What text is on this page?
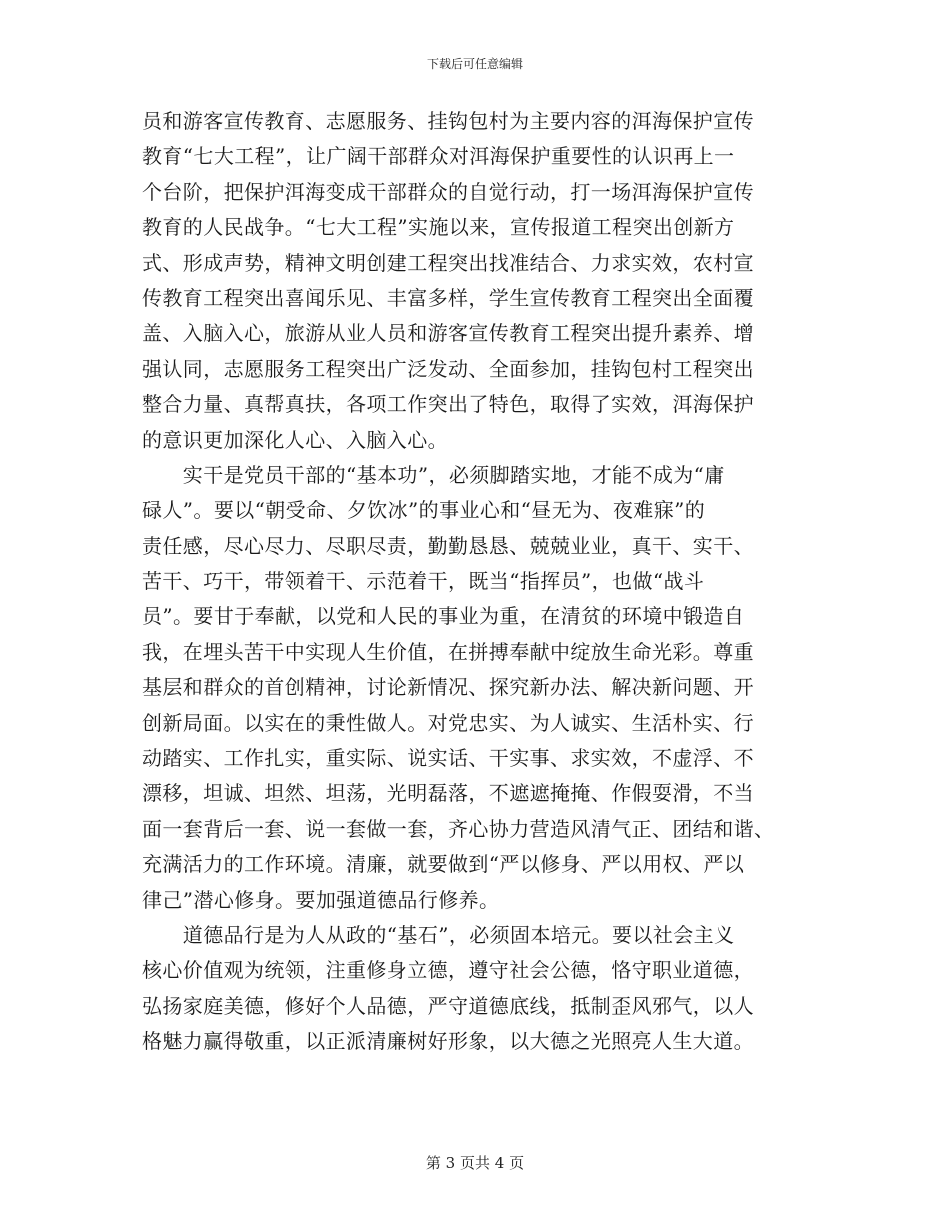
下载后可任意编辑
员和游客宣传教育、志愿服务、挂钩包村为主要内容的洱海保护宣传
教育“七大工程”，让广阔干部群众对洱海保护重要性的认识再上一
个台阶，把保护洱海变成干部群众的自觉行动，打一场洱海保护宣传
教育的人民战争。“七大工程”实施以来，宣传报道工程突出创新方
式、形成声势，精神文明创建工程突出找准结合、力求实效，农村宣
传教育工程突出喜闻乐见、丰富多样，学生宣传教育工程突出全面覆
盖、入脑入心，旅游从业人员和游客宣传教育工程突出提升素养、增
强认同，志愿服务工程突出广泛发动、全面参加，挂钩包村工程突出
整合力量、真帮真扶，各项工作突出了特色，取得了实效，洱海保护
的意识更加深化人心、入脑入心。
　　实干是党员干部的“基本功”，必须脚踏实地，才能不成为“庸
碌人”。要以“朝受命、夕饮冰”的事业心和“昼无为、夜难寐”的
责任感，尽心尽力、尽职尽责，勤勤恳恳、兢兢业业，真干、实干、
苦干、巧干，带领着干、示范着干，既当“指挥员”，也做“战斗
员”。要甘于奉献，以党和人民的事业为重，在清贫的环境中锻造自
我，在埋头苦干中实现人生价值，在拼搏奉献中绽放生命光彩。尊重
基层和群众的首创精神，讨论新情况、探究新办法、解决新问题、开
创新局面。以实在的秉性做人。对党忠实、为人诚实、生活朴实、行
动踏实、工作扎实，重实际、说实话、干实事、求实效，不虚浮、不
漂移，坦诚、坦然、坦荡，光明磊落，不遮遮掩掩、作假耍滑，不当
面一套背后一套、说一套做一套，齐心协力营造风清气正、团结和谐、
充满活力的工作环境。清廉，就要做到“严以修身、严以用权、严以
律己”潜心修身。要加强道德品行修养。
　　道德品行是为人从政的“基石”，必须固本培元。要以社会主义
核心价值观为统领，注重修身立德，遵守社会公德，恪守职业道德，
弘扬家庭美德，修好个人品德，严守道德底线，抵制歪风邪气，以人
格魅力赢得敬重，以正派清廉树好形象，以大德之光照亮人生大道。
第 3 页共 4 页
